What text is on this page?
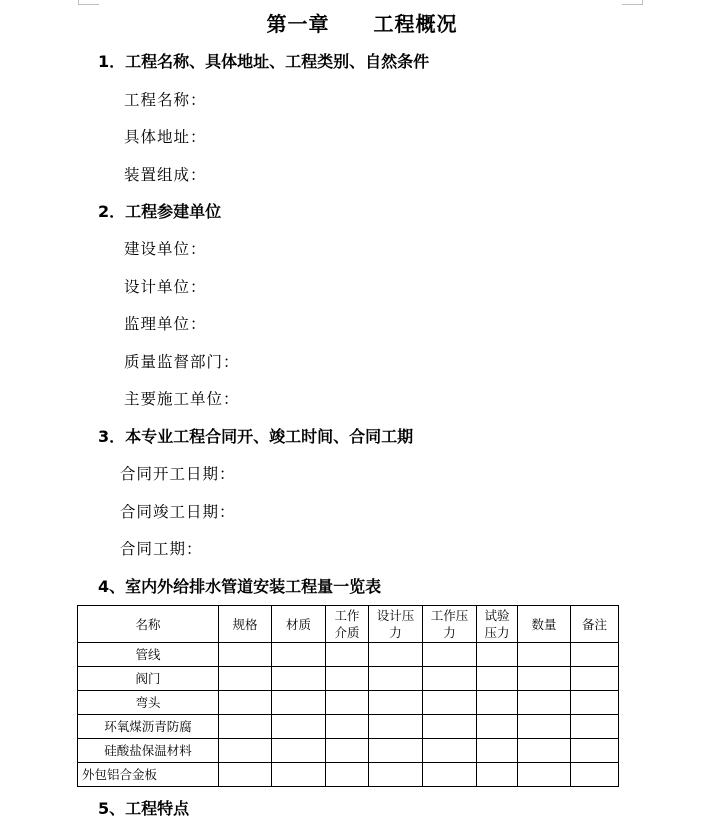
第一章 工程概况
1．工程名称、具体地址、工程类别、自然条件
工程名称：
具体地址：
装置组成：
2．工程参建单位
建设单位：
设计单位：
监理单位：
质量监督部门：
主要施工单位：
3．本专业工程合同开、竣工时间、合同工期
合同开工日期：
合同竣工日期：
合同工期：
4、室内外给排水管道安装工程量一览表
名称	规格	材质	工作介质	设计压力	工作压力	试验压力	数量	备注
管线								
阀门								
弯头								
环氧煤沥青防腐								
硅酸盐保温材料								
外包铝合金板								
5、工程特点
